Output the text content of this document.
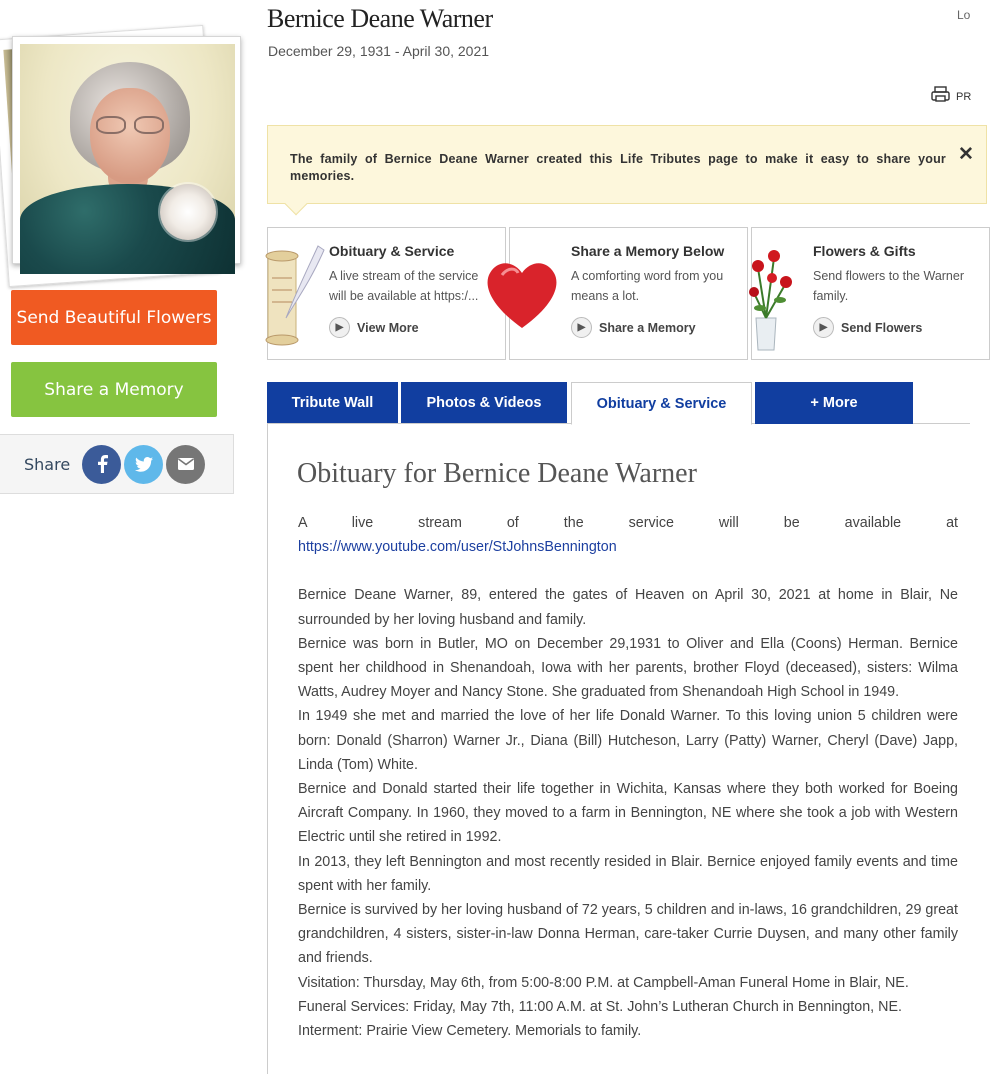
Send Beautiful Flowers
Share a Memory
Share
Bernice Deane Warner
December 29, 1931 - April 30, 2021
Lo
PR
The family of Bernice Deane Warner created this Life Tributes page to make it easy to share your memories.
✕
Obituary & Service
A live stream of the service will be available at https:/...
▶	View More
Share a Memory Below
A comforting word from you means a lot.
▶	Share a Memory
Flowers & Gifts
Send flowers to the Warner family.
▶	Send Flowers
Tribute Wall	Photos & Videos	Obituary & Service	+ More
Obituary for Bernice Deane Warner

A live stream of the service will be available at

https://www.youtube.com/user/StJohnsBennington

Bernice Deane Warner, 89, entered the gates of Heaven on April 30, 2021 at home in Blair, Ne surrounded by her loving husband and family.

Bernice was born in Butler, MO on December 29,1931 to Oliver and Ella (Coons) Herman. Bernice spent her childhood in Shenandoah, Iowa with her parents, brother Floyd (deceased), sisters: Wilma Watts, Audrey Moyer and Nancy Stone. She graduated from Shenandoah High School in 1949.

In 1949 she met and married the love of her life Donald Warner. To this loving union 5 children were born: Donald (Sharron) Warner Jr., Diana (Bill) Hutcheson, Larry (Patty) Warner, Cheryl (Dave) Japp, Linda (Tom) White.

Bernice and Donald started their life together in Wichita, Kansas where they both worked for Boeing Aircraft Company. In 1960, they moved to a farm in Bennington, NE where she took a job with Western Electric until she retired in 1992.

In 2013, they left Bennington and most recently resided in Blair. Bernice enjoyed family events and time spent with her family.

Bernice is survived by her loving husband of 72 years, 5 children and in-laws, 16 grandchildren, 29 great grandchildren, 4 sisters, sister-in-law Donna Herman, care-taker Currie Duysen, and many other family and friends.

Visitation: Thursday, May 6th, from 5:00-8:00 P.M. at Campbell-Aman Funeral Home in Blair, NE.

Funeral Services: Friday, May 7th, 11:00 A.M. at St. John’s Lutheran Church in Bennington, NE.

Interment: Prairie View Cemetery. Memorials to family.
